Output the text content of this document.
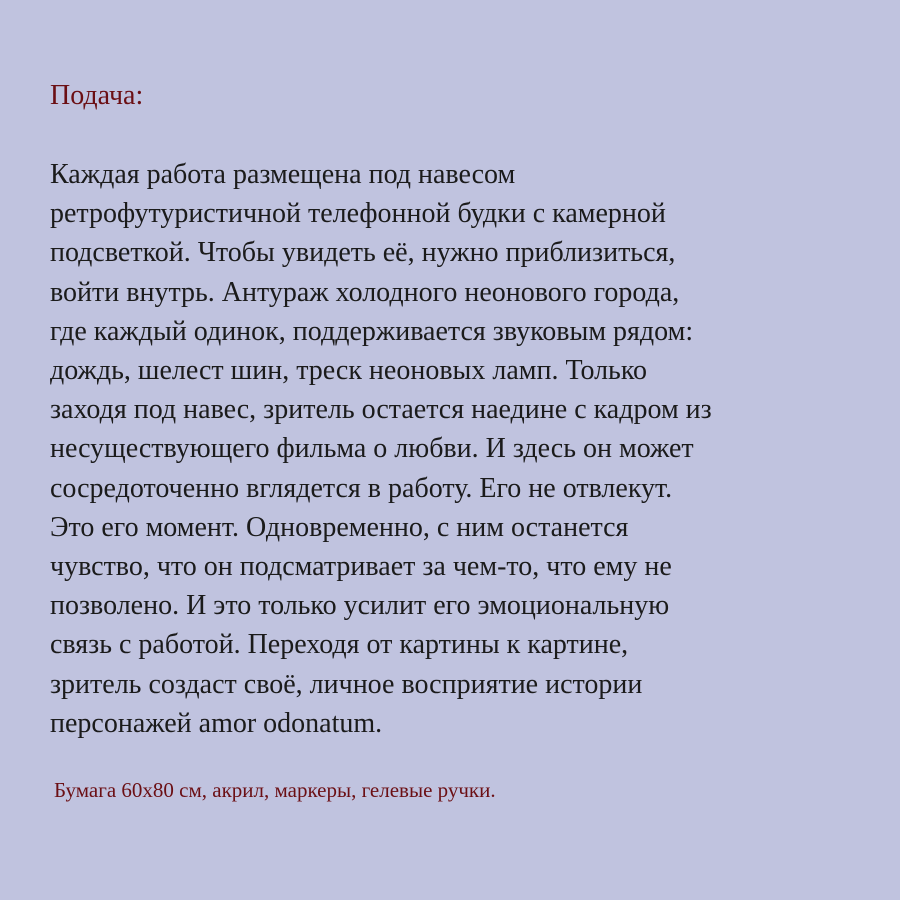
Подача:
Каждая работа размещена под навесом
ретрофутуристичной телефонной будки с камерной
подсветкой. Чтобы увидеть её, нужно приблизиться,
войти внутрь. Антураж холодного неонового города,
где каждый одинок, поддерживается звуковым рядом:
дождь, шелест шин, треск неоновых ламп. Только
заходя под навес, зритель остается наедине с кадром из
несуществующего фильма о любви. И здесь он может
сосредоточенно вглядется в работу. Его не отвлекут.
Это его момент. Одновременно, с ним останется
чувство, что он подсматривает за чем-то, что ему не
позволено. И это только усилит его эмоциональную
связь с работой. Переходя от картины к картине,
зритель создаст своё, личное восприятие истории
персонажей amor odonatum.

Бумага 60х80 см, акрил, маркеры, гелевые ручки.
